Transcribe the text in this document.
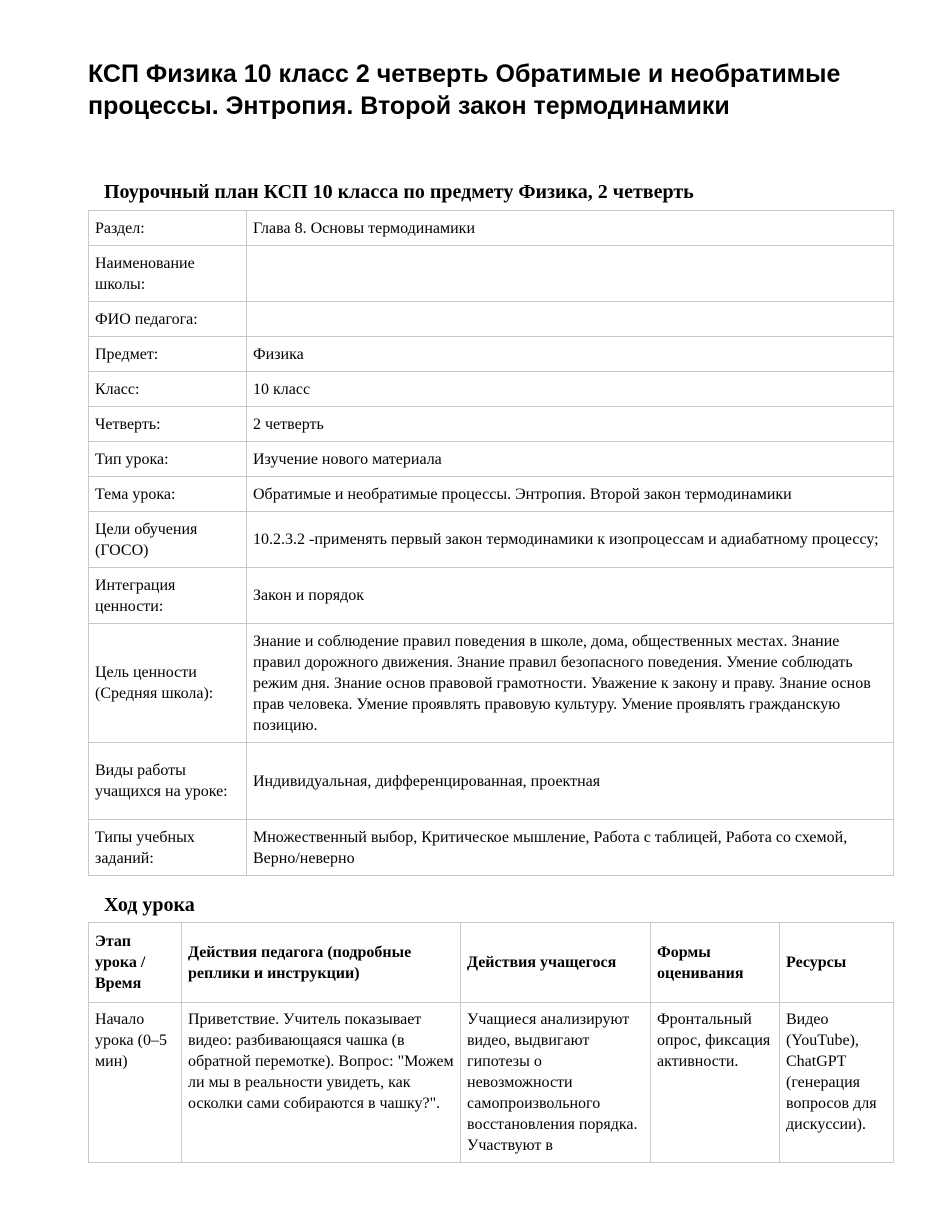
КСП Физика 10 класс 2 четверть Обратимые и необратимые процессы. Энтропия. Второй закон термодинамики
Поурочный план КСП 10 класса по предмету Физика, 2 четверть
Раздел:	Глава 8. Основы термодинамики
Наименование школы:	
ФИО педагога:	
Предмет:	Физика
Класс:	10 класс
Четверть:	2 четверть
Тип урока:	Изучение нового материала
Тема урока:	Обратимые и необратимые процессы. Энтропия. Второй закон термодинамики
Цели обучения (ГОСО)	10.2.3.2 -применять первый закон термодинамики к изопроцессам и адиабатному процессу;
Интеграция ценности:	Закон и порядок
Цель ценности (Средняя школа):	Знание и соблюдение правил поведения в школе, дома, общественных местах. Знание правил дорожного движения. Знание правил безопасного поведения. Умение соблюдать режим дня. Знание основ правовой грамотности. Уважение к закону и праву. Знание основ прав человека. Умение проявлять правовую культуру. Умение проявлять гражданскую позицию.
Виды работы учащихся на уроке:	Индивидуальная, дифференцированная, проектная
Типы учебных заданий:	Множественный выбор, Критическое мышление, Работа с таблицей, Работа со схемой, Верно/неверно
Ход урока
Этап урока / Время	Действия педагога (подробные реплики и инструкции)	Действия учащегося	Формы оценивания	Ресурсы
Начало урока (0–5 мин)	Приветствие. Учитель показывает видео: разбивающаяся чашка (в обратной перемотке). Вопрос: "Можем ли мы в реальности увидеть, как осколки сами собираются в чашку?".	Учащиеся анализируют видео, выдвигают гипотезы о невозможности самопроизвольного восстановления порядка. Участвуют в	Фронтальный опрос, фиксация активности.	Видео (YouTube), ChatGPT (генерация вопросов для дискуссии).
